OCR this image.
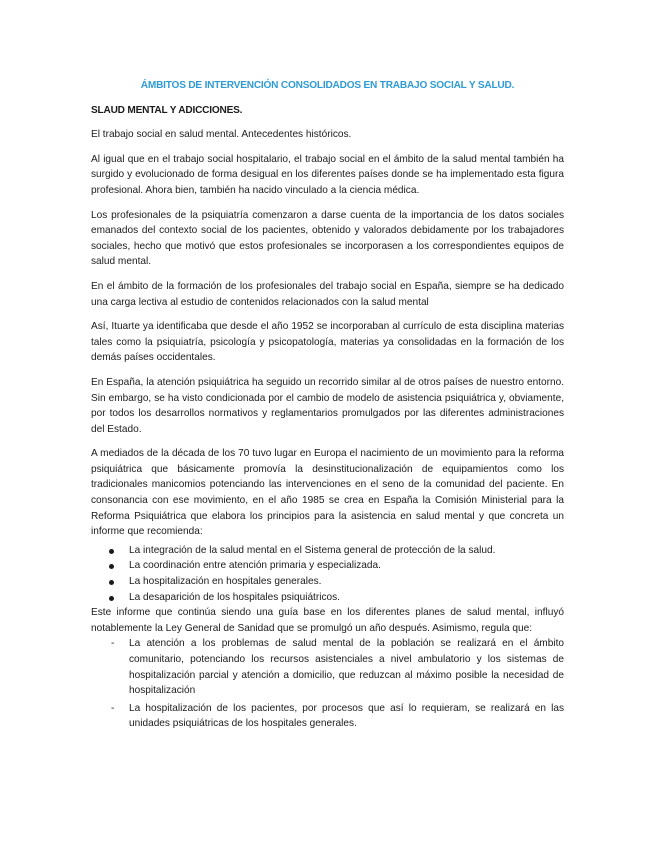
ÁMBITOS DE INTERVENCIÓN CONSOLIDADOS EN TRABAJO SOCIAL Y SALUD.
SLAUD MENTAL Y ADICCIONES.

El trabajo social en salud mental. Antecedentes históricos.

Al igual que en el trabajo social hospitalario, el trabajo social en el ámbito de la salud mental también ha surgido y evolucionado de forma desigual en los diferentes países donde se ha implementado esta figura profesional. Ahora bien, también ha nacido vinculado a la ciencia médica.

Los profesionales de la psiquiatría comenzaron a darse cuenta de la importancia de los datos sociales emanados del contexto social de los pacientes, obtenido y valorados debidamente por los trabajadores sociales, hecho que motivó que estos profesionales se incorporasen a los correspondientes equipos de salud mental.

En el ámbito de la formación de los profesionales del trabajo social en España, siempre se ha dedicado una carga lectiva al estudio de contenidos relacionados con la salud mental

Así, Ituarte ya identificaba que desde el año 1952 se incorporaban al currículo de esta disciplina materias tales como la psiquiatría, psicología y psicopatología, materias ya consolidadas en la formación de los demás países occidentales.

En España, la atención psiquiátrica ha seguido un recorrido similar al de otros países de nuestro entorno. Sin embargo, se ha visto condicionada por el cambio de modelo de asistencia psiquiátrica y, obviamente, por todos los desarrollos normativos y reglamentarios promulgados por las diferentes administraciones del Estado.

A mediados de la década de los 70 tuvo lugar en Europa el nacimiento de un movimiento para la reforma psiquiátrica que básicamente promovía la desinstitucionalización de equipamientos como los tradicionales manicomios potenciando las intervenciones en el seno de la comunidad del paciente. En consonancia con ese movimiento, en el año 1985 se crea en España la Comisión Ministerial para la Reforma Psiquiátrica que elabora los principios para la asistencia en salud mental y que concreta un informe que recomienda:

La integración de la salud mental en el Sistema general de protección de la salud.
La coordinación entre atención primaria y especializada.
La hospitalización en hospitales generales.
La desaparición de los hospitales psiquiátricos.

Este informe que continúa siendo una guía base en los diferentes planes de salud mental, influyó notablemente la Ley General de Sanidad que se promulgó un año después. Asimismo, regula que:

- La atención a los problemas de salud mental de la población se realizará en el ámbito comunitario, potenciando los recursos asistenciales a nivel ambulatorio y los sistemas de hospitalización parcial y atención a domicilio, que reduzcan al máximo posible la necesidad de hospitalización
- La hospitalización de los pacientes, por procesos que así lo requieram, se realizará en las unidades psiquiátricas de los hospitales generales.
